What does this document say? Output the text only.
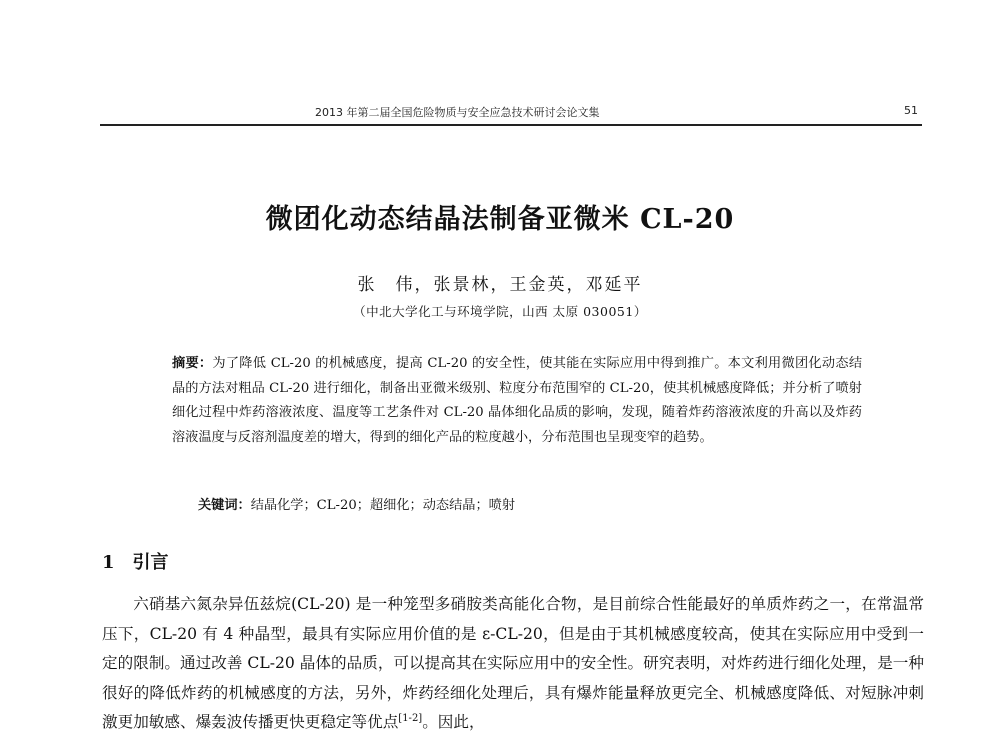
2013 年第二届全国危险物质与安全应急技术研讨会论文集	51
微团化动态结晶法制备亚微米 CL-20
张　伟，张景林，王金英，邓延平
（中北大学化工与环境学院，山西 太原 030051）
摘要：为了降低 CL-20 的机械感度，提高 CL-20 的安全性，使其能在实际应用中得到推广。本文利用微团化动态结晶的方法对粗品 CL-20 进行细化，制备出亚微米级别、粒度分布范围窄的 CL-20，使其机械感度降低；并分析了喷射细化过程中炸药溶液浓度、温度等工艺条件对 CL-20 晶体细化品质的影响，发现，随着炸药溶液浓度的升高以及炸药溶液温度与反溶剂温度差的增大，得到的细化产品的粒度越小，分布范围也呈现变窄的趋势。
关键词：结晶化学；CL-20；超细化；动态结晶；喷射
1 引言

六硝基六氮杂异伍兹烷(CL-20) 是一种笼型多硝胺类高能化合物，是目前综合性能最好的单质炸药之一，在常温常压下，CL-20 有 4 种晶型，最具有实际应用价值的是 ε-CL-20，但是由于其机械感度较高，使其在实际应用中受到一定的限制。通过改善 CL-20 晶体的品质，可以提高其在实际应用中的安全性。研究表明，对炸药进行细化处理，是一种很好的降低炸药的机械感度的方法，另外，炸药经细化处理后，具有爆炸能量释放更完全、机械感度降低、对短脉冲刺激更加敏感、爆轰波传播更快更稳定等优点[1-2]。因此，
